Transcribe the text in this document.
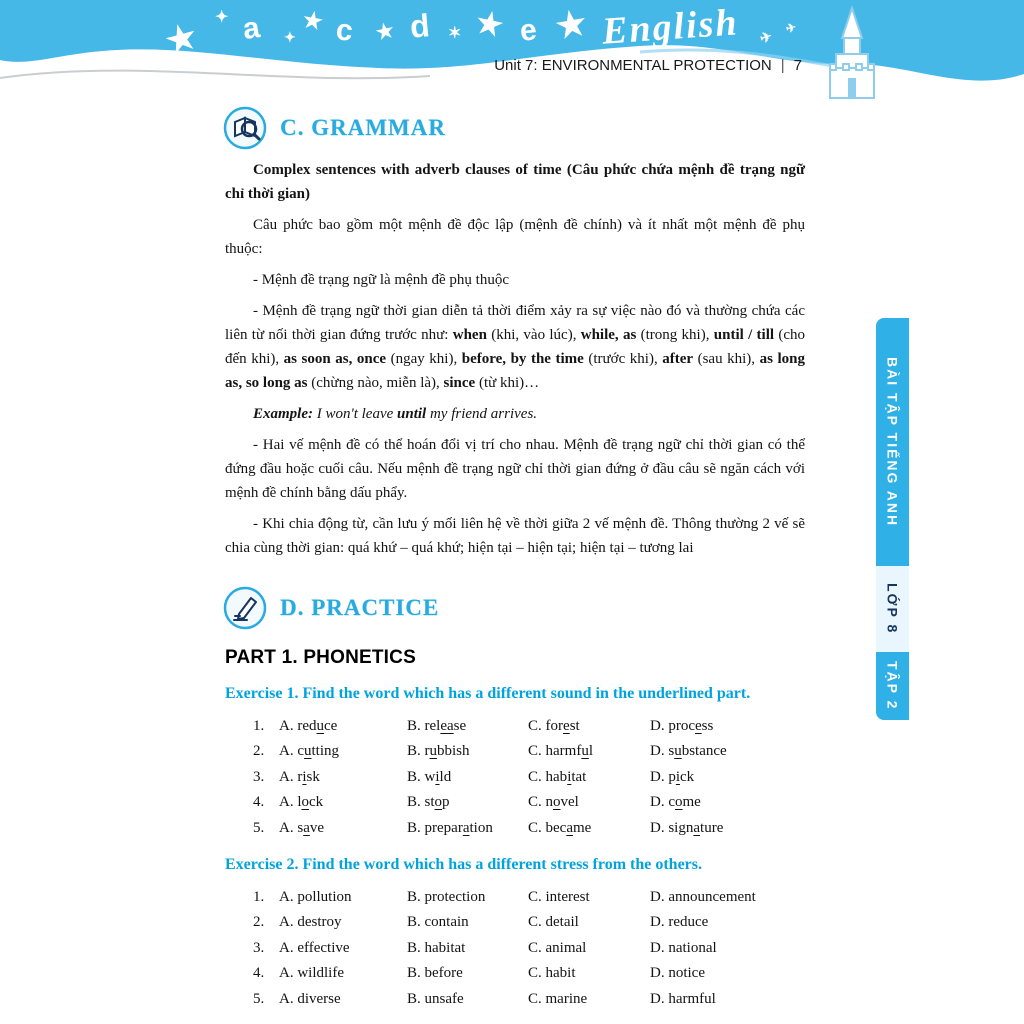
★ ✦ a ✦
★ c ★ d ✶ ★ e ★ English ✈ ✈
Unit 7: ENVIRONMENTAL PROTECTION | 7
BÀI TẬP TIẾNG ANH
LỚP 8
TẬP 2
C. GRAMMAR

Complex sentences with adverb clauses of time (Câu phức chứa mệnh đề trạng ngữ chỉ thời gian)

Câu phức bao gồm một mệnh đề độc lập (mệnh đề chính) và ít nhất một mệnh đề phụ thuộc:

- Mệnh đề trạng ngữ là mệnh đề phụ thuộc

- Mệnh đề trạng ngữ thời gian diễn tả thời điểm xảy ra sự việc nào đó và thường chứa các liên từ nối thời gian đứng trước như: when (khi, vào lúc), while, as (trong khi), until / till (cho đến khi), as soon as, once (ngay khi), before, by the time (trước khi), after (sau khi), as long as, so long as (chừng nào, miễn là), since (từ khi)…

Example: I won't leave until my friend arrives.

- Hai vế mệnh đề có thể hoán đổi vị trí cho nhau. Mệnh đề trạng ngữ chỉ thời gian có thể đứng đầu hoặc cuối câu. Nếu mệnh đề trạng ngữ chỉ thời gian đứng ở đầu câu sẽ ngăn cách với mệnh đề chính bằng dấu phẩy.

- Khi chia động từ, cần lưu ý mối liên hệ về thời giữa 2 vế mệnh đề. Thông thường 2 vế sẽ chia cùng thời gian: quá khứ – quá khứ; hiện tại – hiện tại; hiện tại – tương lai

D. PRACTICE
PART 1. PHONETICS
Exercise 1. Find the word which has a different sound in the underlined part.
1. A. reduce	B. release	C. forest	D. process
2. A. cutting	B. rubbish	C. harmful	D. substance
3. A. risk	B. wild	C. habitat	D. pick
4. A. lock	B. stop	C. novel	D. come
5. A. save	B. preparation	C. became	D. signature
Exercise 2. Find the word which has a different stress from the others.
1. A. pollution	B. protection	C. interest	D. announcement
2. A. destroy	B. contain	C. detail	D. reduce
3. A. effective	B. habitat	C. animal	D. national
4. A. wildlife	B. before	C. habit	D. notice
5. A. diverse	B. unsafe	C. marine	D. harmful
